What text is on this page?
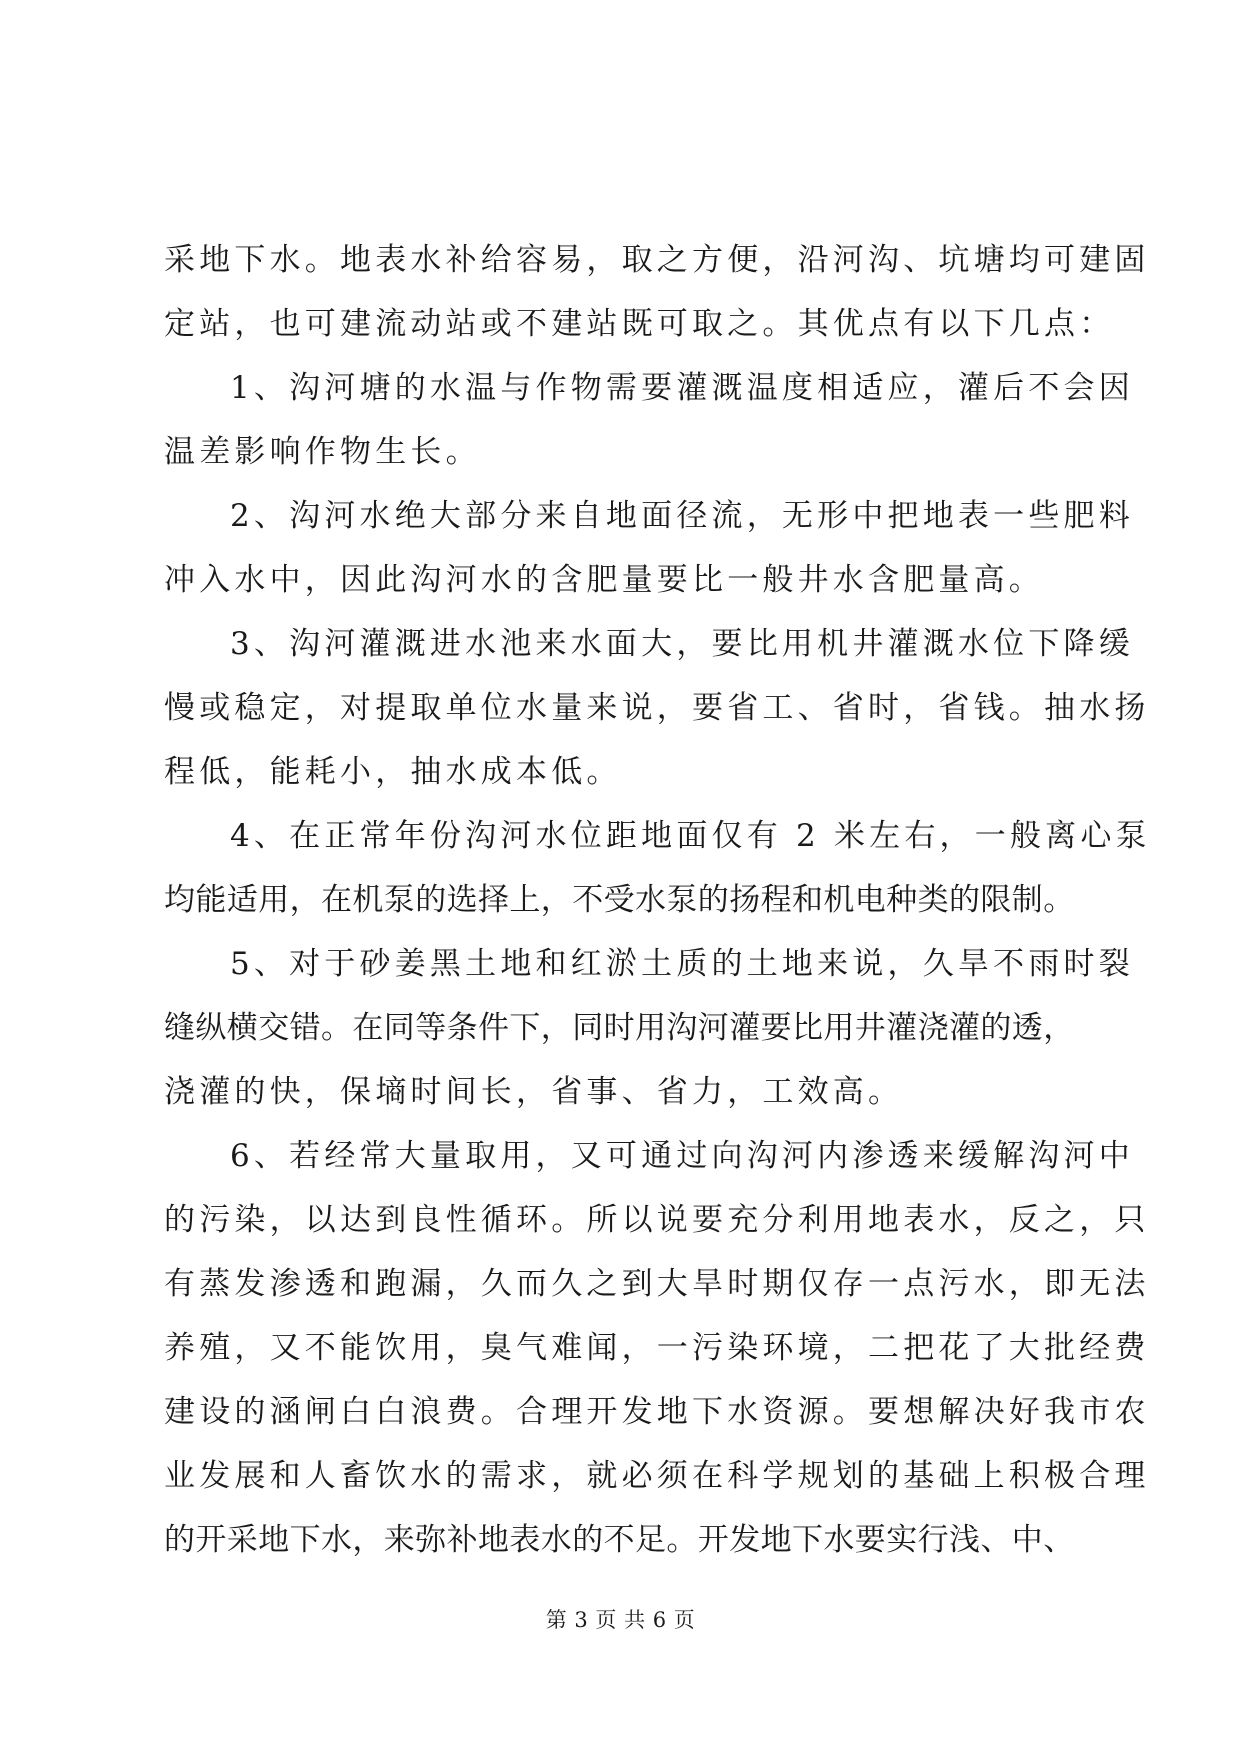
采地下水。地表水补给容易，取之方便，沿河沟、坑塘均可建固
定站，也可建流动站或不建站既可取之。其优点有以下几点：
1、沟河塘的水温与作物需要灌溉温度相适应，灌后不会因
温差影响作物生长。
2、沟河水绝大部分来自地面径流，无形中把地表一些肥料
冲入水中，因此沟河水的含肥量要比一般井水含肥量高。
3、沟河灌溉进水池来水面大，要比用机井灌溉水位下降缓
慢或稳定，对提取单位水量来说，要省工、省时，省钱。抽水扬
程低，能耗小，抽水成本低。
4、在正常年份沟河水位距地面仅有 2 米左右，一般离心泵
均能适用，在机泵的选择上，不受水泵的扬程和机电种类的限制。
5、对于砂姜黑土地和红淤土质的土地来说，久旱不雨时裂
缝纵横交错。在同等条件下，同时用沟河灌要比用井灌浇灌的透，
浇灌的快，保墒时间长，省事、省力，工效高。
6、若经常大量取用，又可通过向沟河内渗透来缓解沟河中
的污染，以达到良性循环。所以说要充分利用地表水，反之，只
有蒸发渗透和跑漏，久而久之到大旱时期仅存一点污水，即无法
养殖，又不能饮用，臭气难闻，一污染环境，二把花了大批经费
建设的涵闸白白浪费。合理开发地下水资源。要想解决好我市农
业发展和人畜饮水的需求，就必须在科学规划的基础上积极合理
的开采地下水，来弥补地表水的不足。开发地下水要实行浅、中、
第 3 页 共 6 页
